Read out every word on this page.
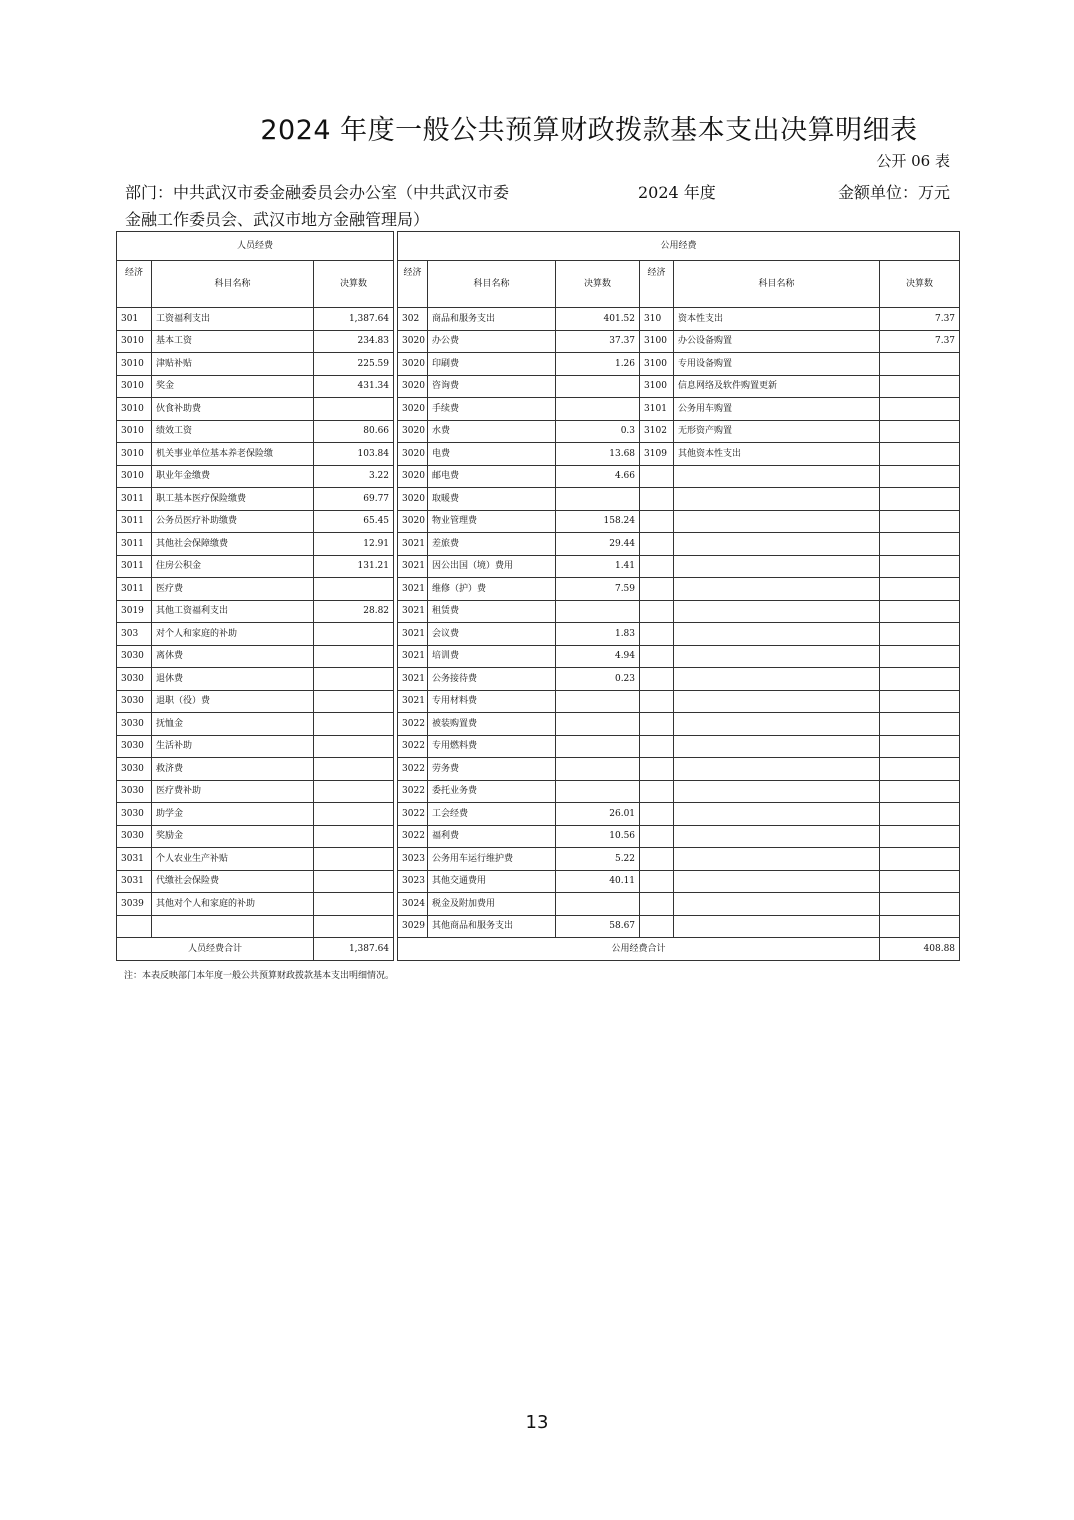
2024 年度一般公共预算财政拨款基本支出决算明细表
公开 06 表
部门：中共武汉市委金融委员会办公室（中共武汉市委	2024 年度	金额单位：万元
金融工作委员会、武汉市地方金融管理局）
人员经费				公用经费					
经济	科目名称	决算数		经济	科目名称	决算数	经济	科目名称	决算数
301	工资福利支出	1,387.64		302	商品和服务支出	401.52	310	资本性支出	7.37
3010	基本工资	234.83		3020	办公费	37.37	3100	办公设备购置	7.37
3010	津贴补贴	225.59		3020	印刷费	1.26	3100	专用设备购置	
3010	奖金	431.34		3020	咨询费		3100	信息网络及软件购置更新	
3010	伙食补助费			3020	手续费		3101	公务用车购置	
3010	绩效工资	80.66		3020	水费	0.3	3102	无形资产购置	
3010	机关事业单位基本养老保险缴	103.84		3020	电费	13.68	3109	其他资本性支出	
3010	职业年金缴费	3.22		3020	邮电费	4.66			
3011	职工基本医疗保险缴费	69.77		3020	取暖费				
3011	公务员医疗补助缴费	65.45		3020	物业管理费	158.24			
3011	其他社会保障缴费	12.91		3021	差旅费	29.44			
3011	住房公积金	131.21		3021	因公出国（境）费用	1.41			
3011	医疗费			3021	维修（护）费	7.59			
3019	其他工资福利支出	28.82		3021	租赁费				
303	对个人和家庭的补助			3021	会议费	1.83			
3030	离休费			3021	培训费	4.94			
3030	退休费			3021	公务接待费	0.23			
3030	退职（役）费			3021	专用材料费				
3030	抚恤金			3022	被装购置费				
3030	生活补助			3022	专用燃料费				
3030	救济费			3022	劳务费				
3030	医疗费补助			3022	委托业务费				
3030	助学金			3022	工会经费	26.01			
3030	奖励金			3022	福利费	10.56			
3031	个人农业生产补贴			3023	公务用车运行维护费	5.22			
3031	代缴社会保险费			3023	其他交通费用	40.11			
3039	其他对个人和家庭的补助			3024	税金及附加费用				
				3029	其他商品和服务支出	58.67			
人员经费合计		1,387.64		公用经费合计					408.88
注：本表反映部门本年度一般公共预算财政拨款基本支出明细情况。
13
